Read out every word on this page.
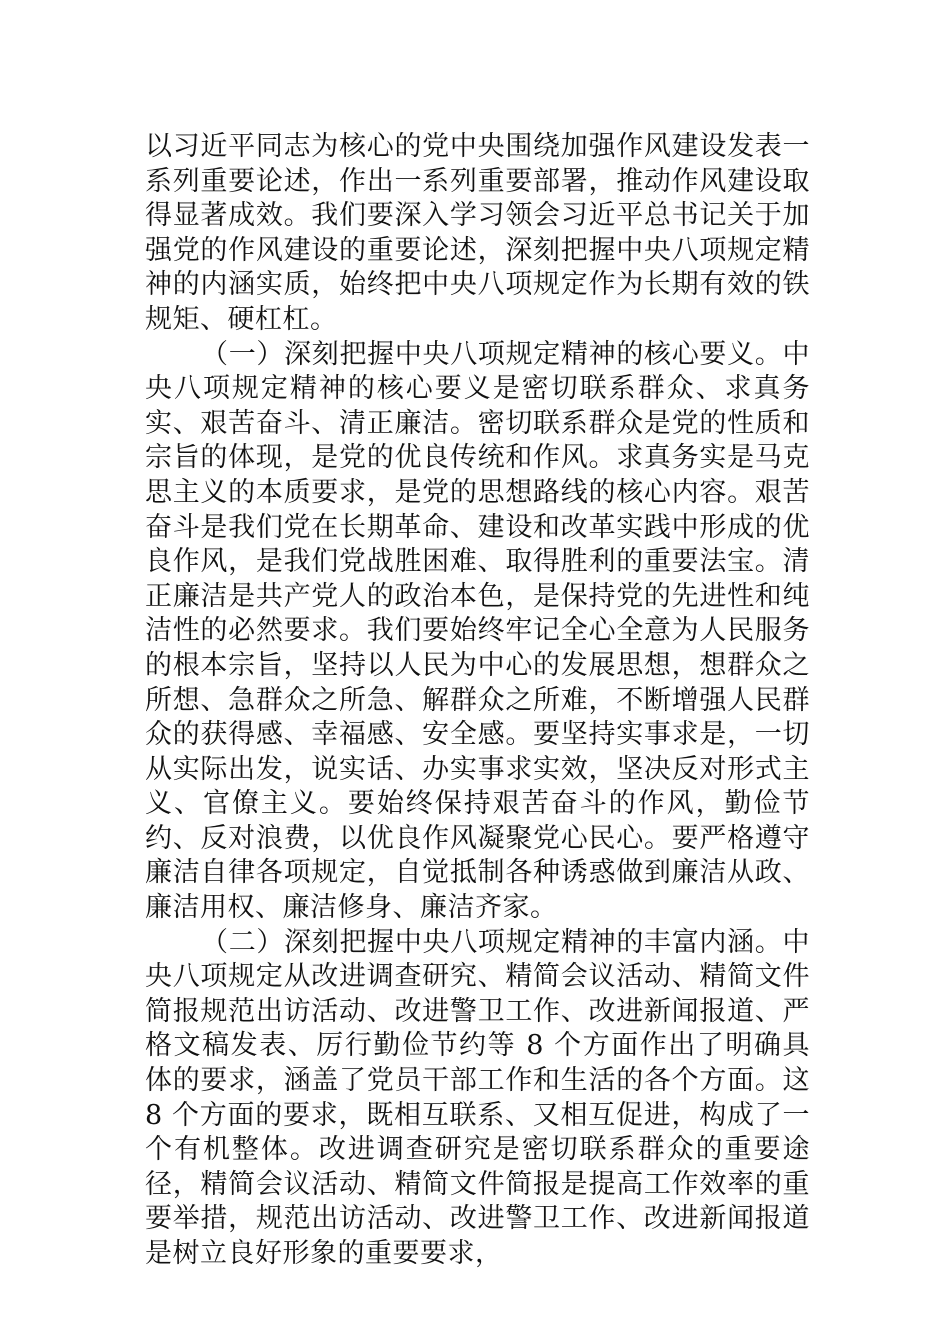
以习近平同志为核心的党中央围绕加强作风建设发表一系列重要论述，作出一系列重要部署，推动作风建设取得显著成效。我们要深入学习领会习近平总书记关于加强党的作风建设的重要论述，深刻把握中央八项规定精神的内涵实质，始终把中央八项规定作为长期有效的铁规矩、硬杠杠。

（一）深刻把握中央八项规定精神的核心要义。中央八项规定精神的核心要义是密切联系群众、求真务实、艰苦奋斗、清正廉洁。密切联系群众是党的性质和宗旨的体现，是党的优良传统和作风。求真务实是马克思主义的本质要求，是党的思想路线的核心内容。艰苦奋斗是我们党在长期革命、建设和改革实践中形成的优良作风，是我们党战胜困难、取得胜利的重要法宝。清正廉洁是共产党人的政治本色，是保持党的先进性和纯洁性的必然要求。我们要始终牢记全心全意为人民服务的根本宗旨，坚持以人民为中心的发展思想，想群众之所想、急群众之所急、解群众之所难，不断增强人民群众的获得感、幸福感、安全感。要坚持实事求是，一切从实际出发，说实话、办实事求实效，坚决反对形式主义、官僚主义。要始终保持艰苦奋斗的作风，勤俭节约、反对浪费，以优良作风凝聚党心民心。要严格遵守廉洁自律各项规定，自觉抵制各种诱惑做到廉洁从政、廉洁用权、廉洁修身、廉洁齐家。

（二）深刻把握中央八项规定精神的丰富内涵。中央八项规定从改进调查研究、精简会议活动、精简文件简报规范出访活动、改进警卫工作、改进新闻报道、严格文稿发表、厉行勤俭节约等 8 个方面作出了明确具体的要求，涵盖了党员干部工作和生活的各个方面。这 8 个方面的要求，既相互联系、又相互促进，构成了一个有机整体。改进调查研究是密切联系群众的重要途径，精简会议活动、精简文件简报是提高工作效率的重要举措，规范出访活动、改进警卫工作、改进新闻报道是树立良好形象的重要要求，
